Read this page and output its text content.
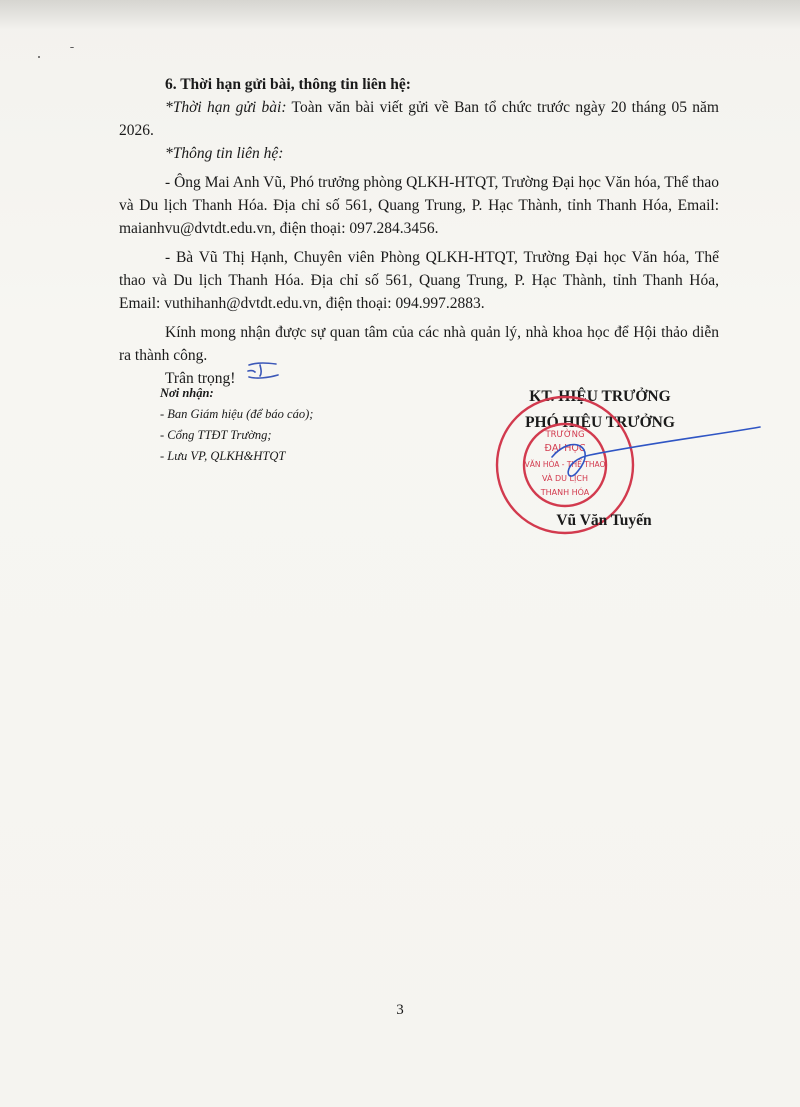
6. Thời hạn gửi bài, thông tin liên hệ:

*Thời hạn gửi bài: Toàn văn bài viết gửi về Ban tổ chức trước ngày 20 tháng 05 năm 2026.

*Thông tin liên hệ:

- Ông Mai Anh Vũ, Phó trưởng phòng QLKH-HTQT, Trường Đại học Văn hóa, Thể thao và Du lịch Thanh Hóa. Địa chỉ số 561, Quang Trung, P. Hạc Thành, tỉnh Thanh Hóa, Email: maianhvu@dvtdt.edu.vn, điện thoại: 097.284.3456.

- Bà Vũ Thị Hạnh, Chuyên viên Phòng QLKH-HTQT, Trường Đại học Văn hóa, Thể thao và Du lịch Thanh Hóa. Địa chỉ số 561, Quang Trung, P. Hạc Thành, tỉnh Thanh Hóa, Email: vuthihanh@dvtdt.edu.vn, điện thoại: 094.997.2883.

Kính mong nhận được sự quan tâm của các nhà quản lý, nhà khoa học để Hội thảo diễn ra thành công.

Trân trọng!

Nơi nhận:
- Ban Giám hiệu (để báo cáo);
- Cổng TTĐT Trường;
- Lưu VP, QLKH&HTQT
KT. HIỆU TRƯỞNG
PHÓ HIỆU TRƯỞNG
TRƯỜNG
ĐẠI HỌC
VĂN HÓA - THỂ THAO
VÀ DU LỊCH
THANH HÓA
Vũ Văn Tuyến
3
